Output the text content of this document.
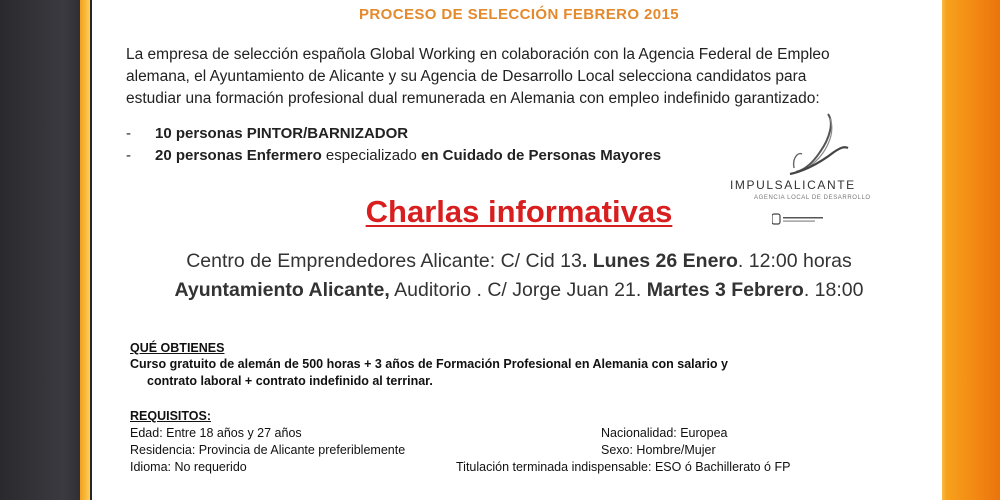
PROCESO DE SELECCIÓN FEBRERO 2015
La empresa de selección española Global Working en colaboración con la Agencia Federal de Empleo
alemana, el Ayuntamiento de Alicante y su Agencia de Desarrollo Local selecciona candidatos para
estudiar una formación profesional dual remunerada en Alemania con empleo indefinido garantizado:
- 10 personas PINTOR/BARNIZADOR
- 20 personas Enfermero especializado en Cuidado de Personas Mayores
IMPULSALICANTE
AGENCIA LOCAL DE DESARROLLO
Charlas informativas
Centro de Emprendedores Alicante: C/ Cid 13. Lunes 26 Enero. 12:00 horas
Ayuntamiento Alicante, Auditorio . C/ Jorge Juan 21. Martes 3 Febrero. 18:00
QUÉ OBTIENES
Curso gratuito de alemán de 500 horas + 3 años de Formación Profesional en Alemania con salario y
contrato laboral + contrato indefinido al terrinar.
REQUISITOS:
Edad: Entre 18 años y 27 años
Residencia: Provincia de Alicante preferiblemente
Idioma: No requerido
Nacionalidad: Europea
Sexo: Hombre/Mujer
Titulación terminada indispensable: ESO ó Bachillerato ó FP
